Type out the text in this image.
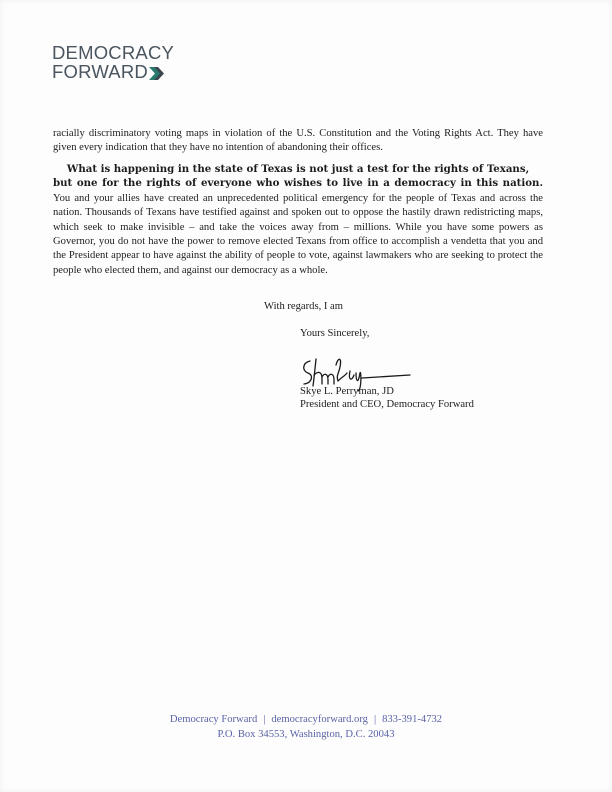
DEMOCRACY
FORWARD

racially discriminatory voting maps in violation of the U.S. Constitution and the Voting Rights Act. They have given every indication that they have no intention of abandoning their offices.

What is happening in the state of Texas is not just a test for the rights of Texans,
but one for the rights of everyone who wishes to live in a democracy in this nation. You and your allies have created an unprecedented political emergency for the people of Texas and across the nation. Thousands of Texans have testified against and spoken out to oppose the hastily drawn redistricting maps, which seek to make invisible – and take the voices away from – millions. While you have some powers as Governor, you do not have the power to remove elected Texans from office to accomplish a vendetta that you and the President appear to have against the ability of people to vote, against lawmakers who are seeking to protect the people who elected them, and against our democracy as a whole.
With regards, I am
Yours Sincerely,
Skye L. Perryman, JD
President and CEO, Democracy Forward
Democracy Forward | democracyforward.org | 833-391-4732
P.O. Box 34553, Washington, D.C. 20043
